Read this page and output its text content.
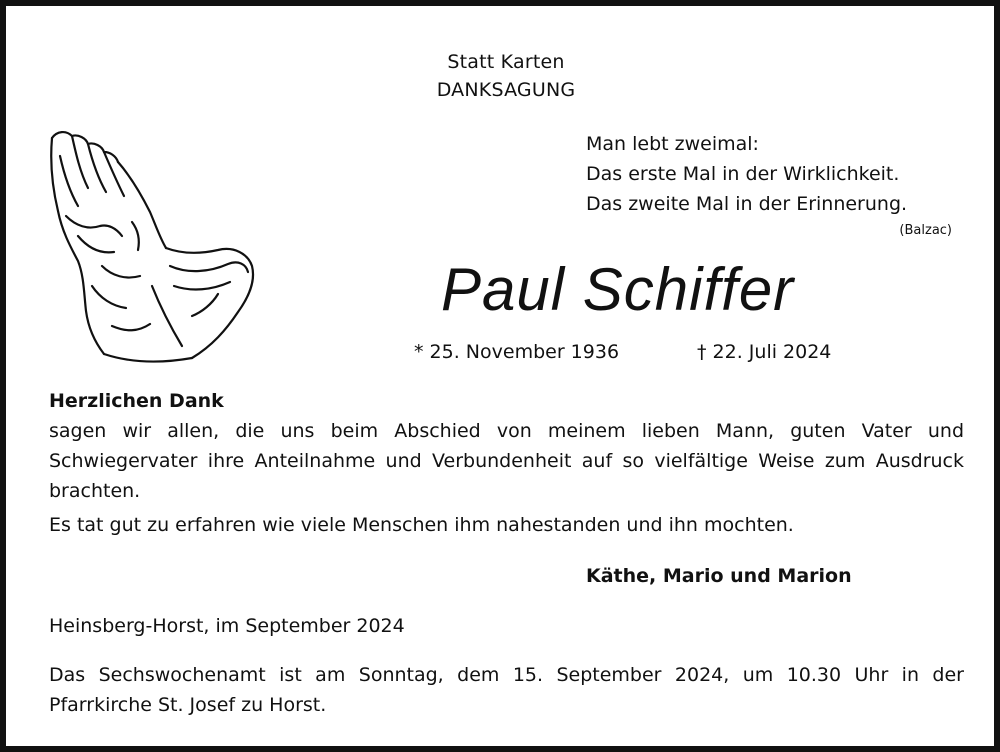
Statt Karten
DANKSAGUNG
Man lebt zweimal:
Das erste Mal in der Wirklichkeit.
Das zweite Mal in der Erinnerung.
(Balzac)
Paul Schiffer
* 25. November 1936	† 22. Juli 2024
Herzlichen Dank
sagen wir allen, die uns beim Abschied von meinem lieben Mann, guten Vater und Schwiegervater ihre Anteilnahme und Verbundenheit auf so vielfältige Weise zum Ausdruck brachten.
Es tat gut zu erfahren wie viele Menschen ihm nahestanden und ihn mochten.
Käthe, Mario und Marion
Heinsberg-Horst, im September 2024
Das Sechswochenamt ist am Sonntag, dem 15. September 2024, um 10.30 Uhr in der Pfarrkirche St. Josef zu Horst.
